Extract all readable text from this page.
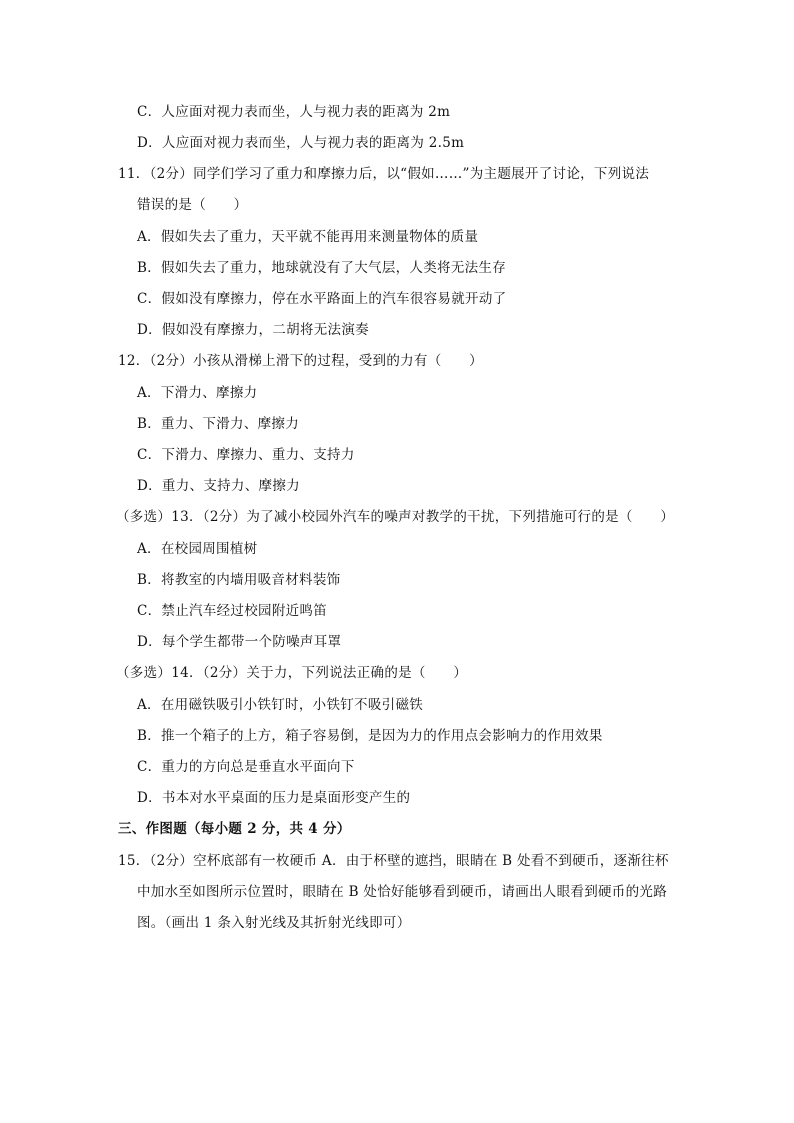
C．人应面对视力表而坐，人与视力表的距离为 2m
D．人应面对视力表而坐，人与视力表的距离为 2.5m
11．（2分）同学们学习了重力和摩擦力后，以“假如……”为主题展开了讨论，下列说法
错误的是（　　）
A．假如失去了重力，天平就不能再用来测量物体的质量
B．假如失去了重力，地球就没有了大气层，人类将无法生存
C．假如没有摩擦力，停在水平路面上的汽车很容易就开动了
D．假如没有摩擦力，二胡将无法演奏
12．（2分）小孩从滑梯上滑下的过程，受到的力有（　　）
A．下滑力、摩擦力
B．重力、下滑力、摩擦力
C．下滑力、摩擦力、重力、支持力
D．重力、支持力、摩擦力
（多选）13．（2分）为了减小校园外汽车的噪声对教学的干扰，下列措施可行的是（　　）
A．在校园周围植树
B．将教室的内墙用吸音材料装饰
C．禁止汽车经过校园附近鸣笛
D．每个学生都带一个防噪声耳罩
（多选）14．（2分）关于力，下列说法正确的是（　　）
A．在用磁铁吸引小铁钉时，小铁钉不吸引磁铁
B．推一个箱子的上方，箱子容易倒，是因为力的作用点会影响力的作用效果
C．重力的方向总是垂直水平面向下
D．书本对水平桌面的压力是桌面形变产生的
三、作图题（每小题 2 分，共 4 分）
15．（2分）空杯底部有一枚硬币 A．由于杯壁的遮挡，眼睛在 B 处看不到硬币，逐渐往杯
中加水至如图所示位置时，眼睛在 B 处恰好能够看到硬币，请画出人眼看到硬币的光路
图。（画出 1 条入射光线及其折射光线即可）
